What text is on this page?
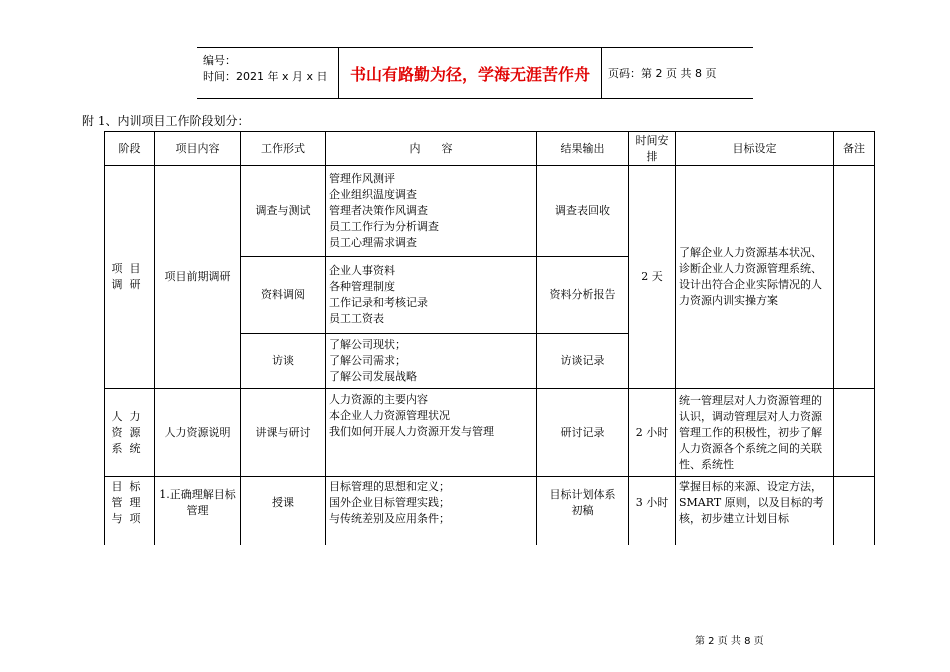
编号：
时间：2021 年 x 月 x 日	书山有路勤为径，学海无涯苦作舟	页码：第 2 页 共 8 页
附 1、内训项目工作阶段划分：
阶段	项目内容	工作形式	内      容	结果输出	时间安排	目标设定	备注
项目调研	项目前期调研	调查与测试	管理作风测评
企业组织温度调查
管理者决策作风调查
员工工作行为分析调查
员工心理需求调查	调查表回收	2 天	了解企业人力资源基本状况、诊断企业人力资源管理系统、设计出符合企业实际情况的人力资源内训实操方案	
		资料调阅	企业人事资料
各种管理制度
工作记录和考核记录
员工工资表	资料分析报告			
		访谈	了解公司现状；
了解公司需求；
了解公司发展战略	访谈记录			
人力资源系统	人力资源说明	讲课与研讨	人力资源的主要内容
本企业人力资源管理状况
我们如何开展人力资源开发与管理	研讨记录	2 小时	统一管理层对人力资源管理的认识，调动管理层对人力资源管理工作的积极性，初步了解人力资源各个系统之间的关联性、系统性	
目标管理与项	1.正确理解目标管理	授课	目标管理的思想和定义；
国外企业目标管理实践；
与传统差别及应用条件；	目标计划体系初稿	3 小时	掌握目标的来源、设定方法，SMART 原则，以及目标的考核，初步建立计划目标	
第 2 页 共 8 页
